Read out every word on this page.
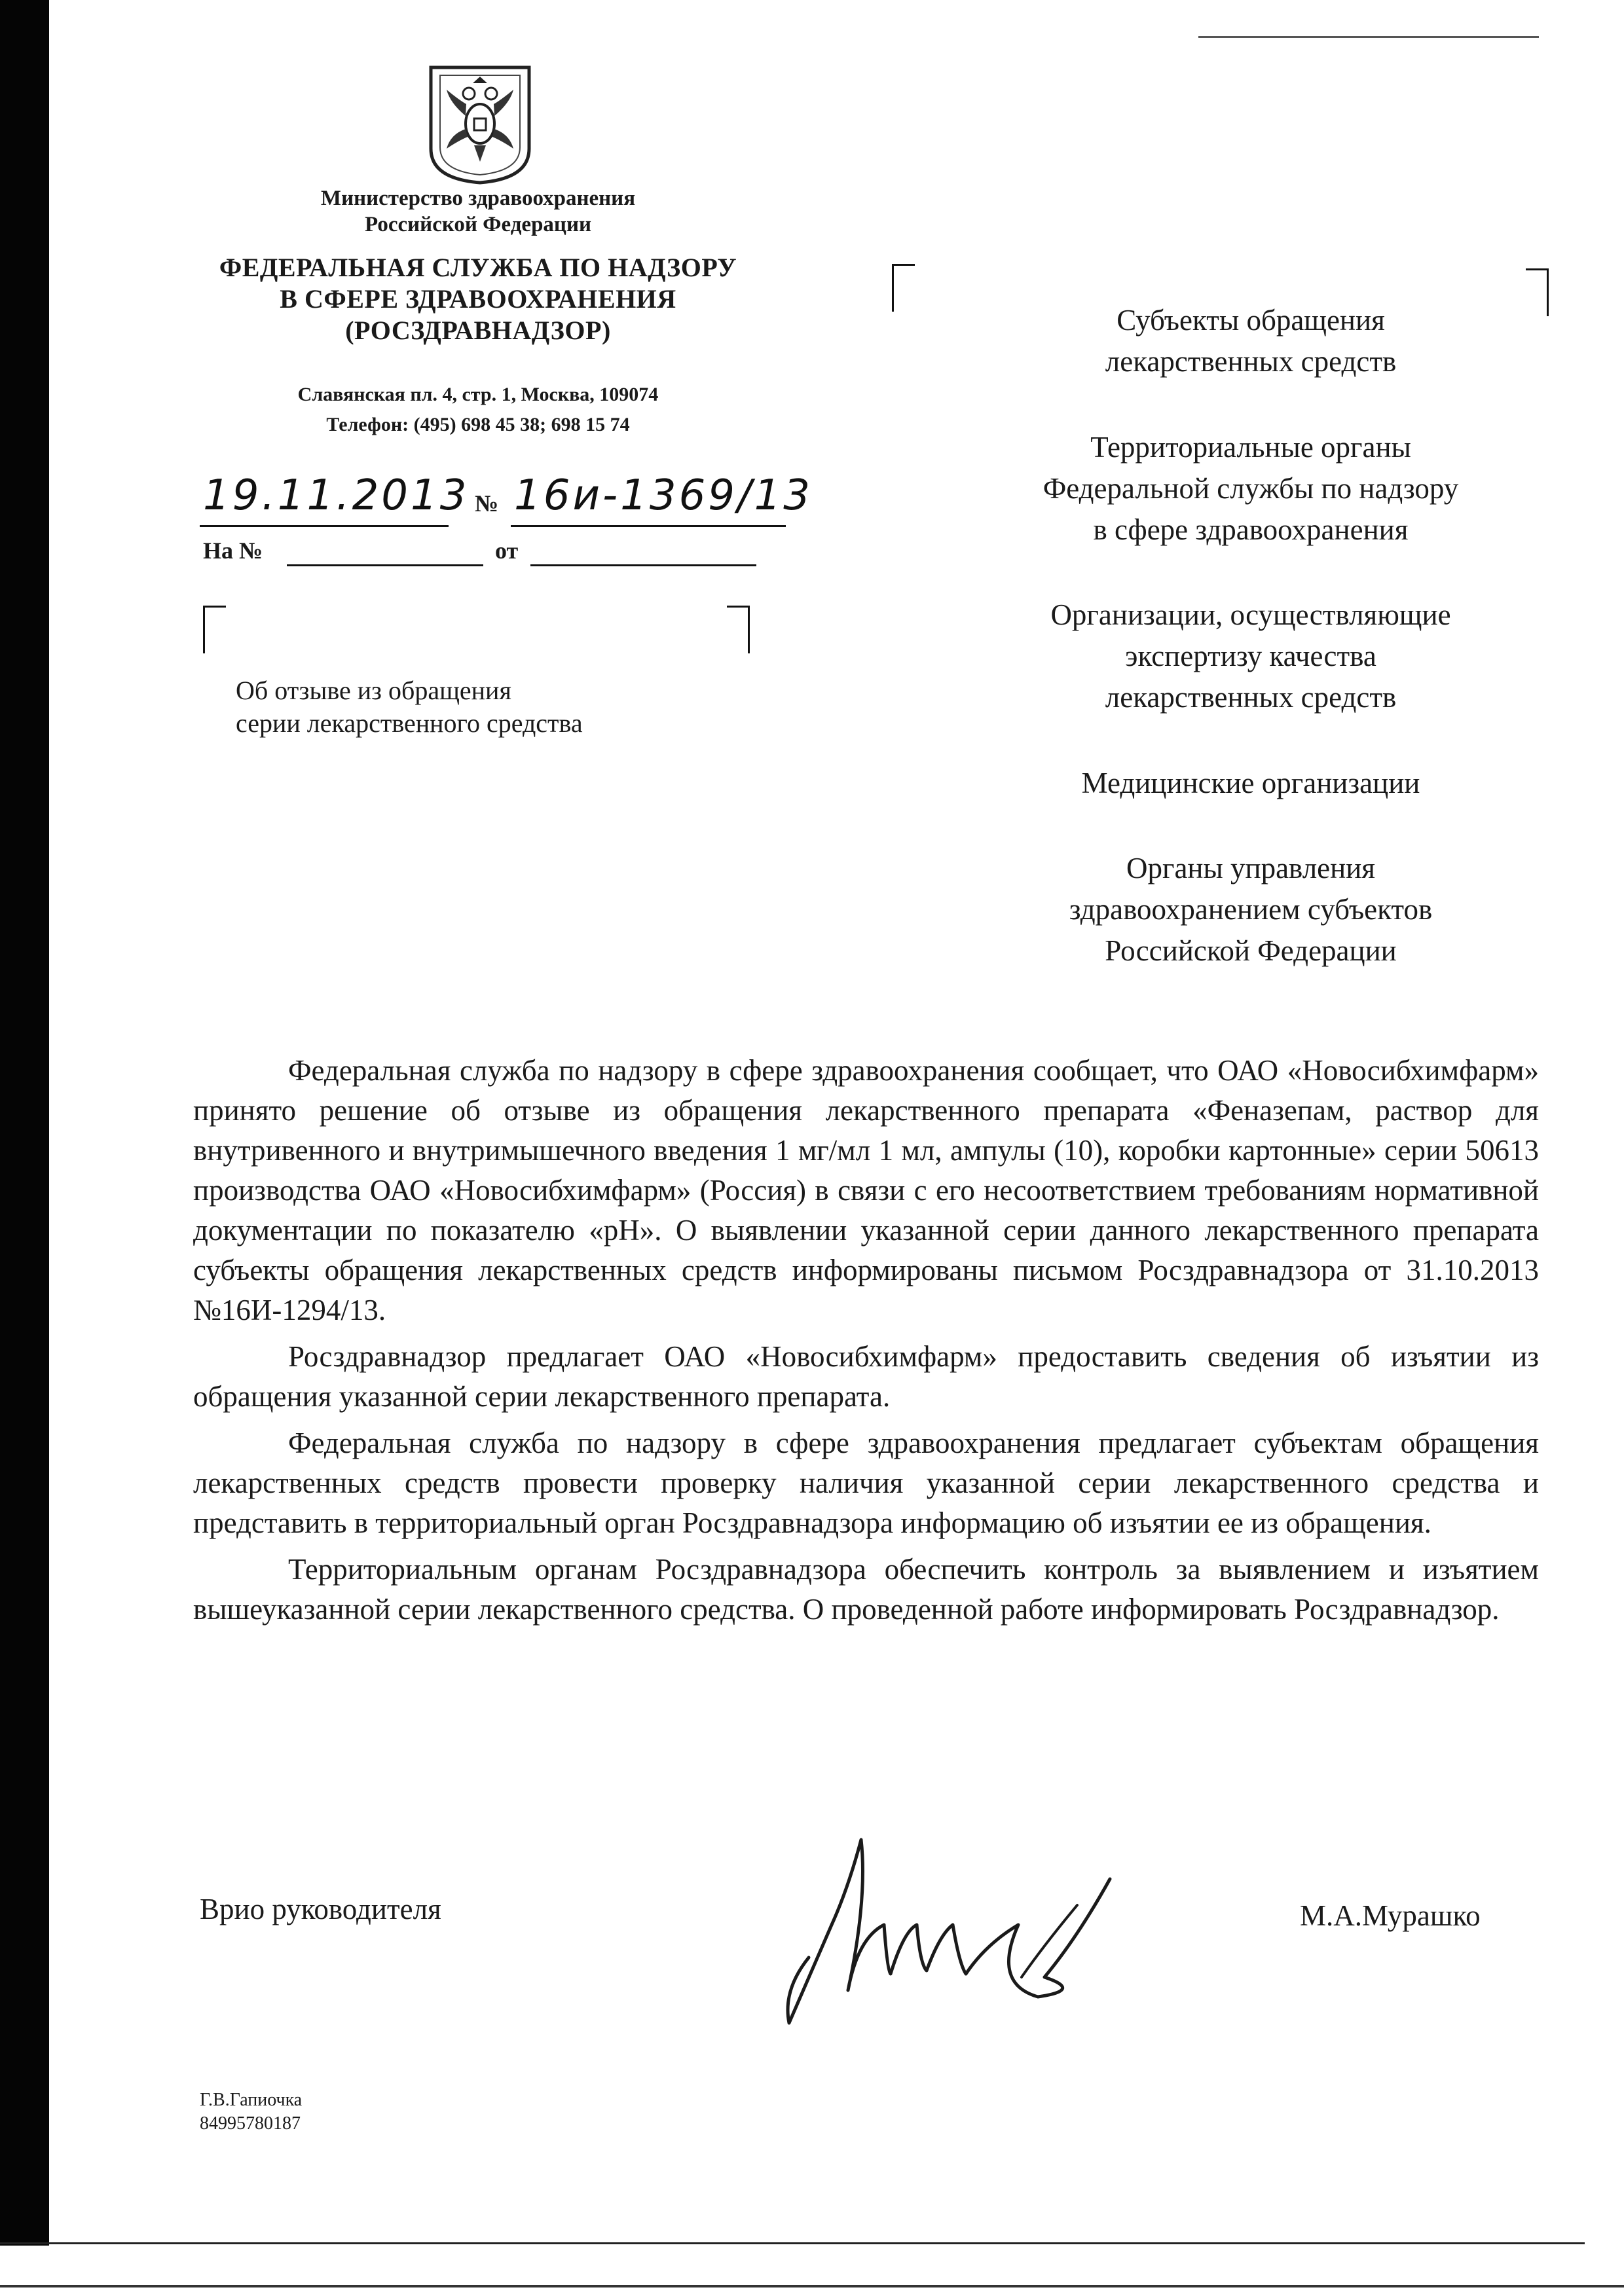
Министерство здравоохранения
Российской Федерации
ФЕДЕРАЛЬНАЯ СЛУЖБА ПО НАДЗОРУ
В СФЕРЕ ЗДРАВООХРАНЕНИЯ
(РОСЗДРАВНАДЗОР)
Славянская пл. 4, стр. 1, Москва, 109074
Телефон: (495) 698 45 38; 698 15 74
19.11.2013 № 16и-1369/13
На №	от
Об отзыве из обращения
серии лекарственного средства
Субъекты обращения
лекарственных средств
Территориальные органы
Федеральной службы по надзору
в сфере здравоохранения
Организации, осуществляющие
экспертизу качества
лекарственных средств
Медицинские организации
Органы управления
здравоохранением субъектов
Российской Федерации

Федеральная служба по надзору в сфере здравоохранения сообщает, что ОАО «Новосибхимфарм» принято решение об отзыве из обращения лекарственного препарата «Феназепам, раствор для внутривенного и внутримышечного введения 1 мг/мл 1 мл, ампулы (10), коробки картонные» серии 50613 производства ОАО «Новосибхимфарм» (Россия) в связи с его несоответствием требованиям нормативной документации по показателю «рН». О выявлении указанной серии данного лекарственного препарата субъекты обращения лекарственных средств информированы письмом Росздравнадзора от 31.10.2013 №16И-1294/13.

Росздравнадзор предлагает ОАО «Новосибхимфарм» предоставить сведения об изъятии из обращения указанной серии лекарственного препарата.

Федеральная служба по надзору в сфере здравоохранения предлагает субъектам обращения лекарственных средств провести проверку наличия указанной серии лекарственного средства и представить в территориальный орган Росздравнадзора информацию об изъятии ее из обращения.

Территориальным органам Росздравнадзора обеспечить контроль за выявлением и изъятием вышеуказанной серии лекарственного средства. О проведенной работе информировать Росздравнадзор.

Врио руководителя	М.А.Мурашко
Г.В.Гапиочка
84995780187
